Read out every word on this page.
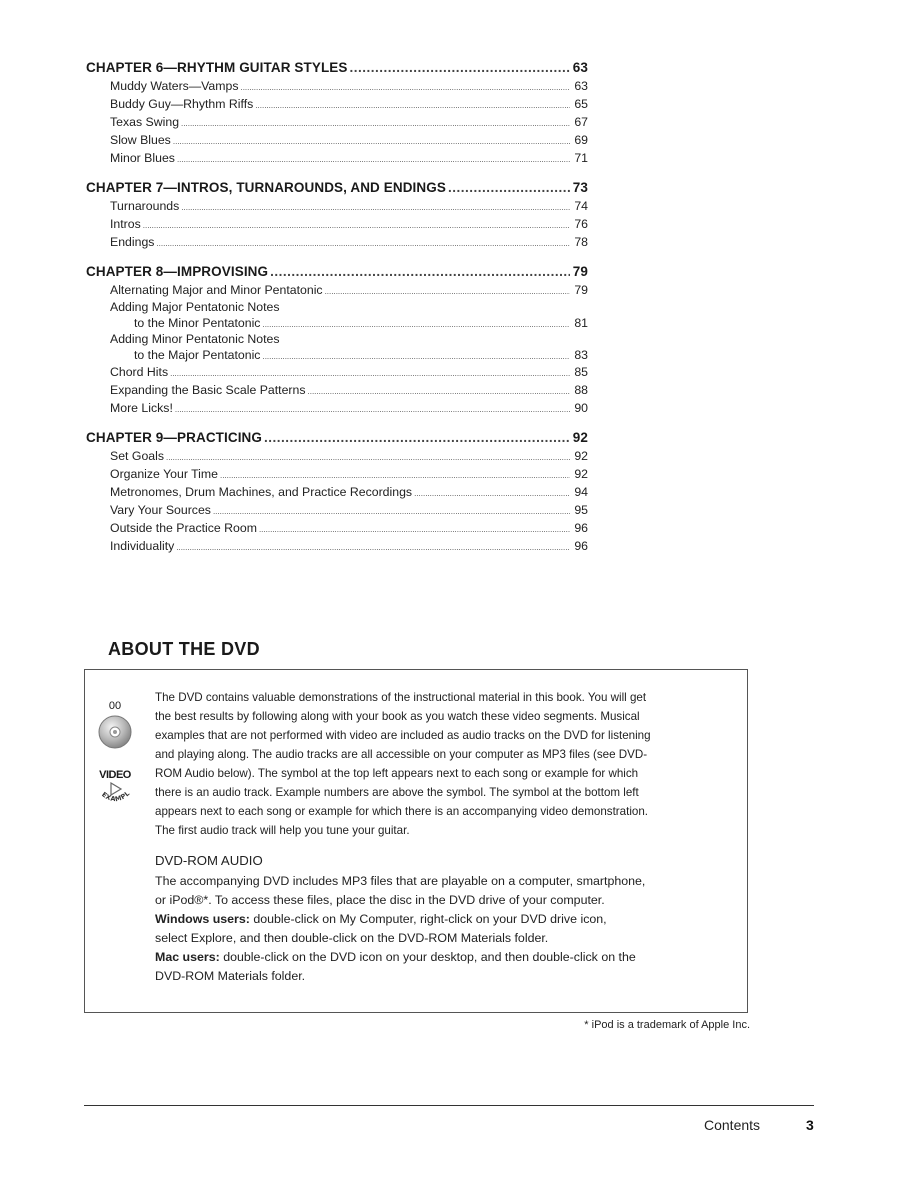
CHAPTER 6—RHYTHM GUITAR STYLES .....	63
Muddy Waters—Vamps .....	63
Buddy Guy—Rhythm Riffs .....	65
Texas Swing .....	67
Slow Blues .....	69
Minor Blues .....	71
CHAPTER 7—INTROS, TURNAROUNDS, AND ENDINGS .....	73
Turnarounds .....	74
Intros .....	76
Endings .....	78
CHAPTER 8—IMPROVISING .....	79
Alternating Major and Minor Pentatonic .....	79
Adding Major Pentatonic Notes
to the Minor Pentatonic .....	81
Adding Minor Pentatonic Notes
to the Major Pentatonic .....	83
Chord Hits .....	85
Expanding the Basic Scale Patterns .....	88
More Licks! .....	90
CHAPTER 9—PRACTICING .....	92
Set Goals .....	92
Organize Your Time .....	92
Metronomes, Drum Machines, and Practice Recordings .....	94
Vary Your Sources .....	95
Outside the Practice Room .....	96
Individuality .....	96
ABOUT THE DVD
00
VIDEO
EXAMPL

The DVD contains valuable demonstrations of the instructional material in this book. You will get
the best results by following along with your book as you watch these video segments. Musical
examples that are not performed with video are included as audio tracks on the DVD for listening
and playing along. The audio tracks are all accessible on your computer as MP3 files (see DVD-
ROM Audio below). The symbol at the top left appears next to each song or example for which
there is an audio track. Example numbers are above the symbol. The symbol at the bottom left
appears next to each song or example for which there is an accompanying video demonstration.
The first audio track will help you tune your guitar.

DVD-ROM AUDIO

The accompanying DVD includes MP3 files that are playable on a computer, smartphone,
or iPod®*. To access these files, place the disc in the DVD drive of your computer.
Windows users: double-click on My Computer, right-click on your DVD drive icon,
select Explore, and then double-click on the DVD-ROM Materials folder.
Mac users: double-click on the DVD icon on your desktop, and then double-click on the
DVD-ROM Materials folder.

* iPod is a trademark of Apple Inc.
Contents	3
